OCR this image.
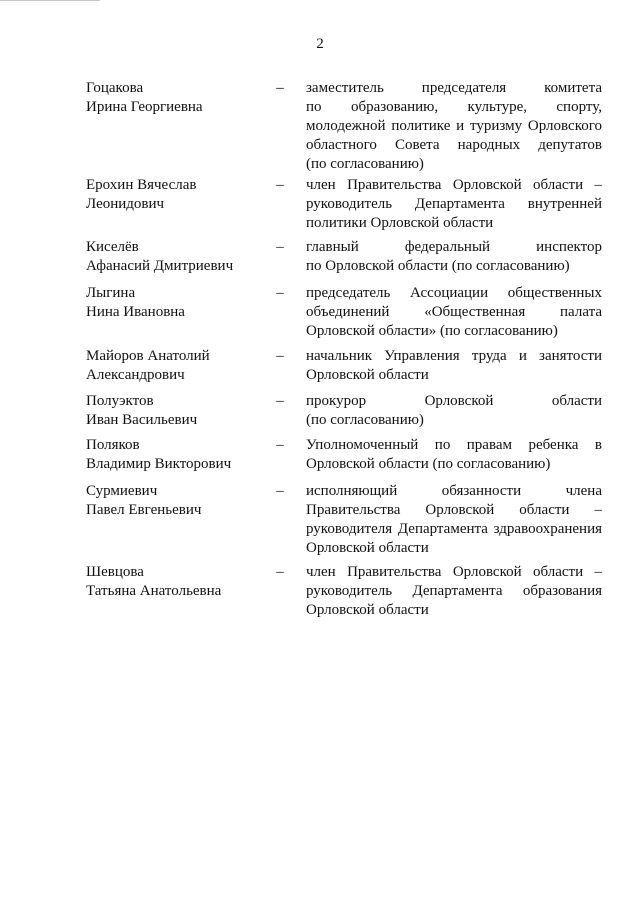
2
Гоцакова
Ирина Георгиевна
– заместитель председателя комитета
по образованию, культуре, спорту,
молодежной политике и туризму Орловского
областного Совета народных депутатов
(по согласованию)
Ерохин Вячеслав
Леонидович
– член Правительства Орловской области –
руководитель Департамента внутренней
политики Орловской области
Киселёв
Афанасий Дмитриевич
– главный федеральный инспектор
по Орловской области (по согласованию)
Лыгина
Нина Ивановна
– председатель Ассоциации общественных
объединений «Общественная палата
Орловской области» (по согласованию)
Майоров Анатолий
Александрович
– начальник Управления труда и занятости
Орловской области
Полуэктов
Иван Васильевич
– прокурор Орловской области
(по согласованию)
Поляков
Владимир Викторович
– Уполномоченный по правам ребенка в
Орловской области (по согласованию)
Сурмиевич
Павел Евгеньевич
– исполняющий обязанности члена
Правительства Орловской области –
руководителя Департамента здравоохранения
Орловской области
Шевцова
Татьяна Анатольевна
– член Правительства Орловской области –
руководитель Департамента образования
Орловской области
